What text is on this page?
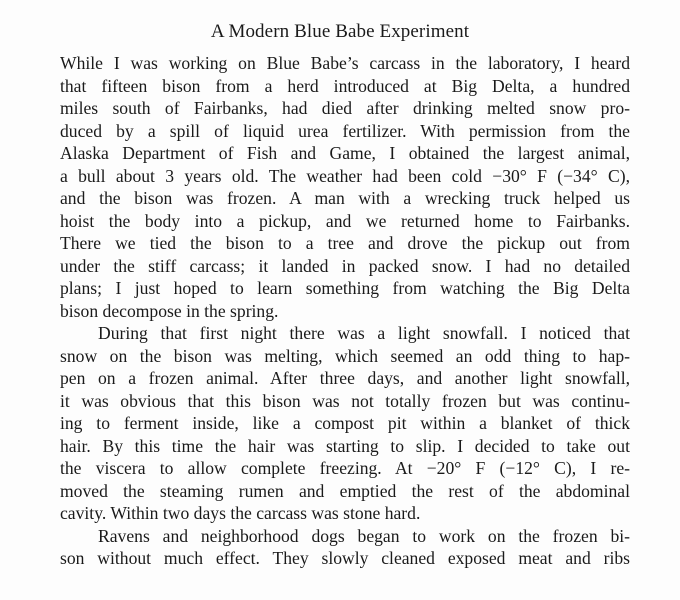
A Modern Blue Babe Experiment
While I was working on Blue Babe’s carcass in the laboratory, I heard
that fifteen bison from a herd introduced at Big Delta, a hundred
miles south of Fairbanks, had died after drinking melted snow pro-
duced by a spill of liquid urea fertilizer. With permission from the
Alaska Department of Fish and Game, I obtained the largest animal,
a bull about 3 years old. The weather had been cold −30° F (−34° C),
and the bison was frozen. A man with a wrecking truck helped us
hoist the body into a pickup, and we returned home to Fairbanks.
There we tied the bison to a tree and drove the pickup out from
under the stiff carcass; it landed in packed snow. I had no detailed
plans; I just hoped to learn something from watching the Big Delta
bison decompose in the spring.
During that first night there was a light snowfall. I noticed that
snow on the bison was melting, which seemed an odd thing to hap-
pen on a frozen animal. After three days, and another light snowfall,
it was obvious that this bison was not totally frozen but was continu-
ing to ferment inside, like a compost pit within a blanket of thick
hair. By this time the hair was starting to slip. I decided to take out
the viscera to allow complete freezing. At −20° F (−12° C), I re-
moved the steaming rumen and emptied the rest of the abdominal
cavity. Within two days the carcass was stone hard.
Ravens and neighborhood dogs began to work on the frozen bi-
son without much effect. They slowly cleaned exposed meat and ribs
